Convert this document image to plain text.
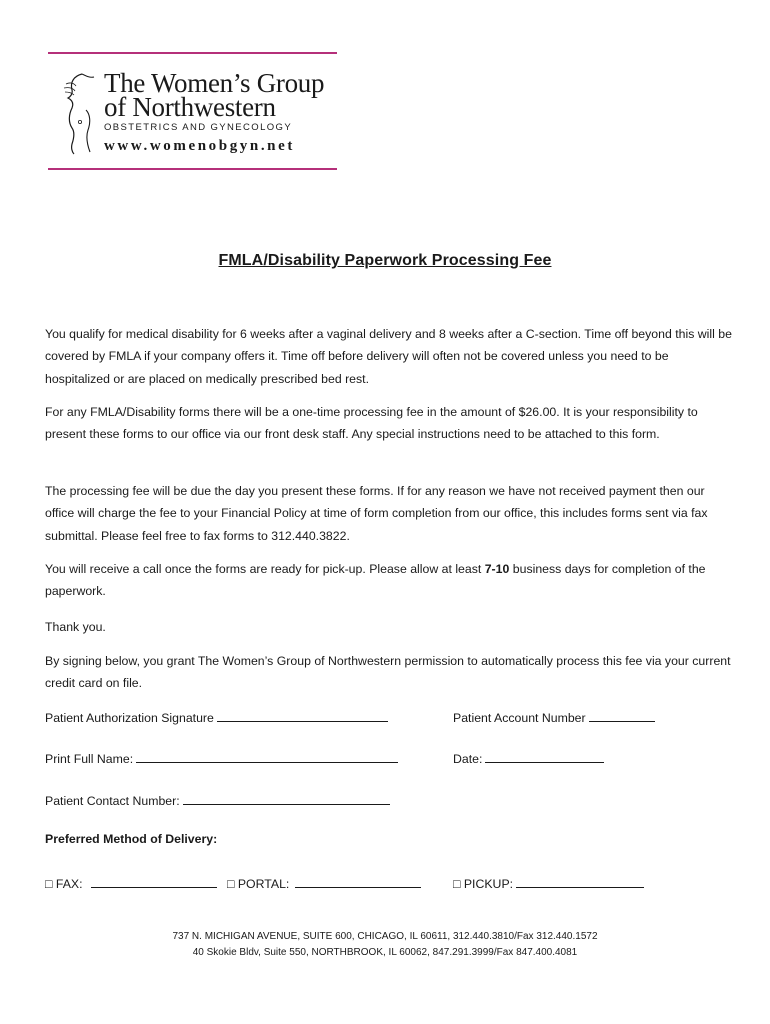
The Women’s Group
of Northwestern
OBSTETRICS AND GYNECOLOGY
www.womenobgyn.net
FMLA/Disability Paperwork Processing Fee
You qualify for medical disability for 6 weeks after a vaginal delivery and 8 weeks after a C-section. Time off beyond this will be covered by FMLA if your company offers it. Time off before delivery will often not be covered unless you need to be hospitalized or are placed on medically prescribed bed rest.
For any FMLA/Disability forms there will be a one-time processing fee in the amount of $26.00. It is your responsibility to present these forms to our office via our front desk staff. Any special instructions need to be attached to this form.
The processing fee will be due the day you present these forms. If for any reason we have not received payment then our office will charge the fee to your Financial Policy at time of form completion from our office, this includes forms sent via fax submittal. Please feel free to fax forms to 312.440.3822.
You will receive a call once the forms are ready for pick-up. Please allow at least 7-10 business days for completion of the paperwork.
Thank you.
By signing below, you grant The Women’s Group of Northwestern permission to automatically process this fee via your current credit card on file.
Patient Authorization Signature	Patient Account Number
Print Full Name:	Date:
Patient Contact Number:
Preferred Method of Delivery:
□ FAX:	□ PORTAL:	□ PICKUP:
737 N. MICHIGAN AVENUE, SUITE 600, CHICAGO, IL 60611, 312.440.3810/Fax 312.440.1572
40 Skokie Bldv, Suite 550, NORTHBROOK, IL 60062, 847.291.3999/Fax 847.400.4081
